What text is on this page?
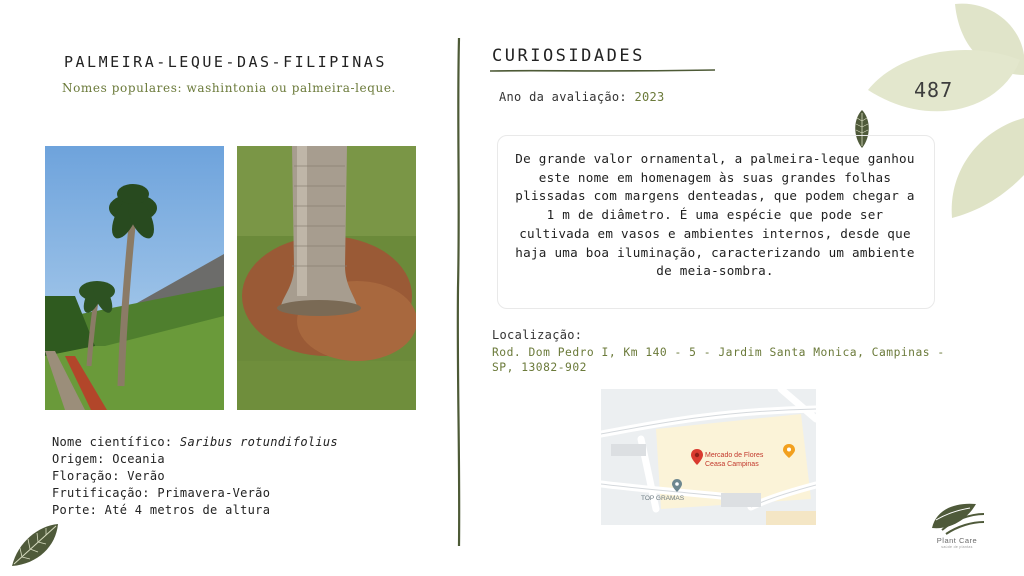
PALMEIRA-LEQUE-DAS-FILIPINAS
Nomes populares: washintonia ou palmeira-leque.
Nome científico: Saribus rotundifolius
Origem: Oceania
Floração: Verão
Frutificação: Primavera-Verão
Porte: Até 4 metros de altura
CURIOSIDADES
Ano da avaliação: 2023	487
De grande valor ornamental, a palmeira-leque ganhou este nome em homenagem às suas grandes folhas plissadas com margens denteadas, que podem chegar a 1 m de diâmetro. É uma espécie que pode ser cultivada em vasos e ambientes internos, desde que haja uma boa iluminação, caracterizando um ambiente de meia-sombra.
Localização:
Rod. Dom Pedro I, Km 140 - 5 - Jardim Santa Monica, Campinas - SP, 13082-902
Mercado de Flores
Ceasa Campinas
TOP GRAMAS
Plant Care
saúde de plantas
